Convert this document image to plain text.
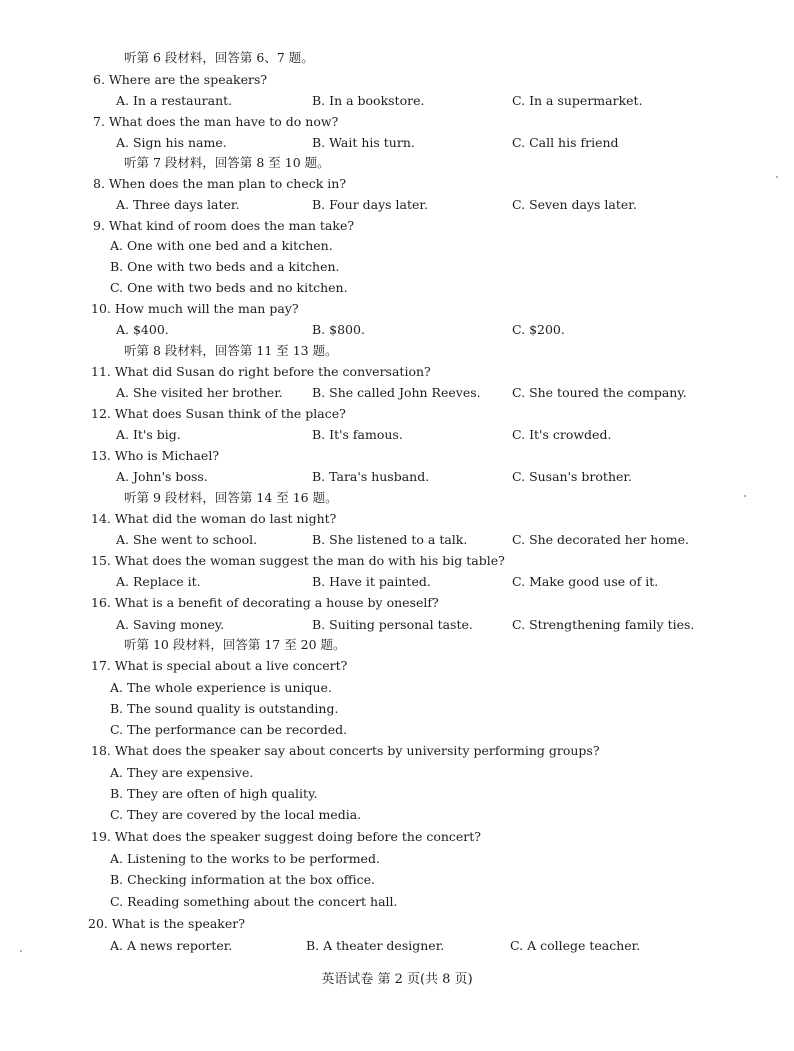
听第 6 段材料，回答第 6、7 题。
6. Where are the speakers?
A. In a restaurant.	B. In a bookstore.	C. In a supermarket.
7. What does the man have to do now?
A. Sign his name.	B. Wait his turn.	C. Call his friend
听第 7 段材料，回答第 8 至 10 题。
8. When does the man plan to check in?
A. Three days later.	B. Four days later.	C. Seven days later.
9. What kind of room does the man take?
A. One with one bed and a kitchen.
B. One with two beds and a kitchen.
C. One with two beds and no kitchen.
10. How much will the man pay?
A. $400.	B. $800.	C. $200.
听第 8 段材料，回答第 11 至 13 题。
11. What did Susan do right before the conversation?
A. She visited her brother. B. She called John Reeves.	C. She toured the company.
12. What does Susan think of the place?
A. It's big.	B. It's famous.	C. It's crowded.
13. Who is Michael?
A. John's boss.	B. Tara's husband.	C. Susan's brother.
听第 9 段材料，回答第 14 至 16 题。
14. What did the woman do last night?
A. She went to school.	B. She listened to a talk.	C. She decorated her home.
15. What does the woman suggest the man do with his big table?
A. Replace it.	B. Have it painted.	C. Make good use of it.
16. What is a benefit of decorating a house by oneself?
A. Saving money.	B. Suiting personal taste.	C. Strengthening family ties.
听第 10 段材料，回答第 17 至 20 题。
17. What is special about a live concert?
A. The whole experience is unique.
B. The sound quality is outstanding.
C. The performance can be recorded.
18. What does the speaker say about concerts by university performing groups?
A. They are expensive.
B. They are often of high quality.
C. They are covered by the local media.
19. What does the speaker suggest doing before the concert?
A. Listening to the works to be performed.
B. Checking information at the box office.
C. Reading something about the concert hall.
20. What is the speaker?
A. A news reporter.	B. A theater designer.	C. A college teacher.
英语试卷 第 2 页(共 8 页)
